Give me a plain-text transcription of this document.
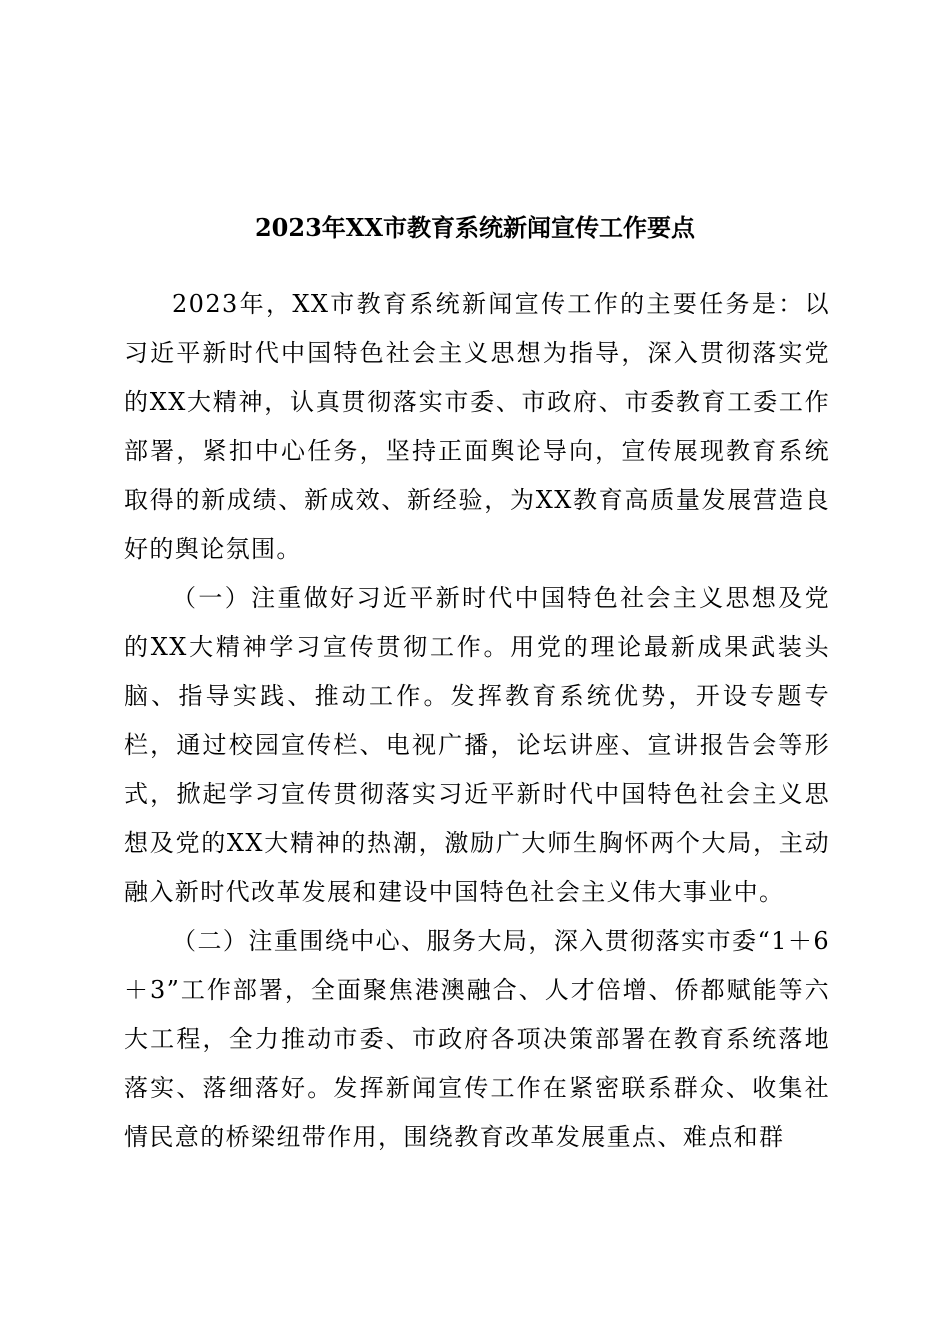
2023年XX市教育系统新闻宣传工作要点

2023年，XX市教育系统新闻宣传工作的主要任务是：以习近平新时代中国特色社会主义思想为指导，深入贯彻落实党的XX大精神，认真贯彻落实市委、市政府、市委教育工委工作部署，紧扣中心任务，坚持正面舆论导向，宣传展现教育系统取得的新成绩、新成效、新经验，为XX教育高质量发展营造良好的舆论氛围。

（一）注重做好习近平新时代中国特色社会主义思想及党的XX大精神学习宣传贯彻工作。用党的理论最新成果武装头脑、指导实践、推动工作。发挥教育系统优势，开设专题专栏，通过校园宣传栏、电视广播，论坛讲座、宣讲报告会等形式，掀起学习宣传贯彻落实习近平新时代中国特色社会主义思想及党的XX大精神的热潮，激励广大师生胸怀两个大局，主动融入新时代改革发展和建设中国特色社会主义伟大事业中。

（二）注重围绕中心、服务大局，深入贯彻落实市委“1＋6＋3”工作部署，全面聚焦港澳融合、人才倍增、侨都赋能等六大工程，全力推动市委、市政府各项决策部署在教育系统落地落实、落细落好。发挥新闻宣传工作在紧密联系群众、收集社情民意的桥梁纽带作用，围绕教育改革发展重点、难点和群
